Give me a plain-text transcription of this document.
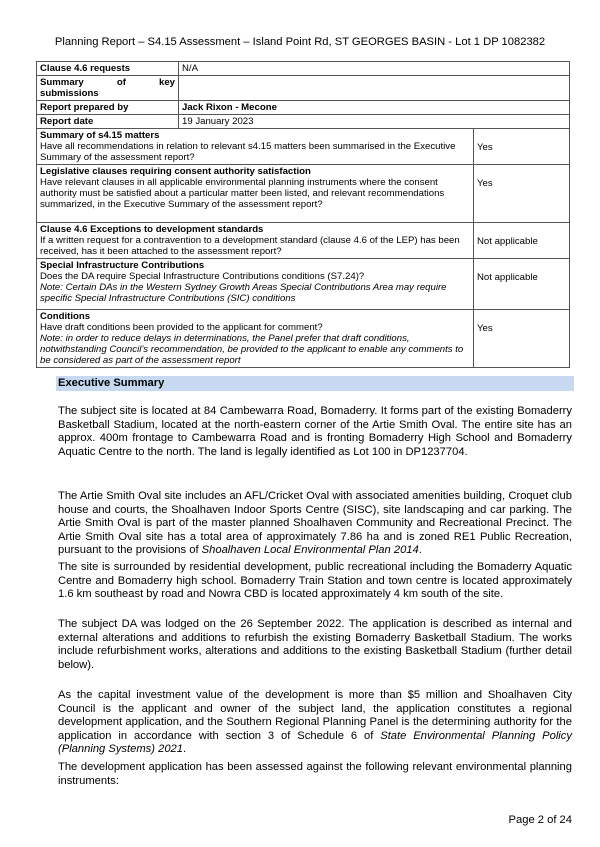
Planning Report – S4.15 Assessment – Island Point Rd, ST GEORGES BASIN - Lot 1 DP 1082382
Clause 4.6 requests	N/A	

Summary of key
submissions		

Report prepared by	Jack Rixon - Mecone	
Report date	19 January 2023	

Summary of s4.15 matters
Have all recommendations in relation to relevant s4.15 matters been summarised in the Executive Summary of the assessment report?		Yes

Legislative clauses requiring consent authority satisfaction
Have relevant clauses in all applicable environmental planning instruments where the consent authority must be satisfied about a particular matter been listed, and relevant recommendations summarized, in the Executive Summary of the assessment report?		Yes

Clause 4.6 Exceptions to development standards
If a written request for a contravention to a development standard (clause 4.6 of the LEP) has been received, has it been attached to the assessment report?		Not applicable

Special Infrastructure Contributions
Does the DA require Special Infrastructure Contributions conditions (S7.24)?
Note: Certain DAs in the Western Sydney Growth Areas Special Contributions Area may require specific Special Infrastructure Contributions (SIC) conditions		Not applicable

Conditions
Have draft conditions been provided to the applicant for comment?
Note: in order to reduce delays in determinations, the Panel prefer that draft conditions, notwithstanding Council’s recommendation, be provided to the applicant to enable any comments to be considered as part of the assessment report		Yes
Executive Summary
The subject site is located at 84 Cambewarra Road, Bomaderry. It forms part of the existing Bomaderry Basketball Stadium, located at the north-eastern corner of the Artie Smith Oval. The entire site has an approx. 400m frontage to Cambewarra Road and is fronting Bomaderry High School and Bomaderry Aquatic Centre to the north. The land is legally identified as Lot 100 in DP1237704.
The Artie Smith Oval site includes an AFL/Cricket Oval with associated amenities building, Croquet club house and courts, the Shoalhaven Indoor Sports Centre (SISC), site landscaping and car parking. The Artie Smith Oval is part of the master planned Shoalhaven Community and Recreational Precinct. The Artie Smith Oval site has a total area of approximately 7.86 ha and is zoned RE1 Public Recreation, pursuant to the provisions of Shoalhaven Local Environmental Plan 2014.
The site is surrounded by residential development, public recreational including the Bomaderry Aquatic Centre and Bomaderry high school. Bomaderry Train Station and town centre is located approximately 1.6 km southeast by road and Nowra CBD is located approximately 4 km south of the site.
The subject DA was lodged on the 26 September 2022. The application is described as internal and external alterations and additions to refurbish the existing Bomaderry Basketball Stadium. The works include refurbishment works, alterations and additions to the existing Basketball Stadium (further detail below).
As the capital investment value of the development is more than $5 million and Shoalhaven City Council is the applicant and owner of the subject land, the application constitutes a regional development application, and the Southern Regional Planning Panel is the determining authority for the application in accordance with section 3 of Schedule 6 of State Environmental Planning Policy (Planning Systems) 2021.
The development application has been assessed against the following relevant environmental planning instruments:
Page 2 of 24
